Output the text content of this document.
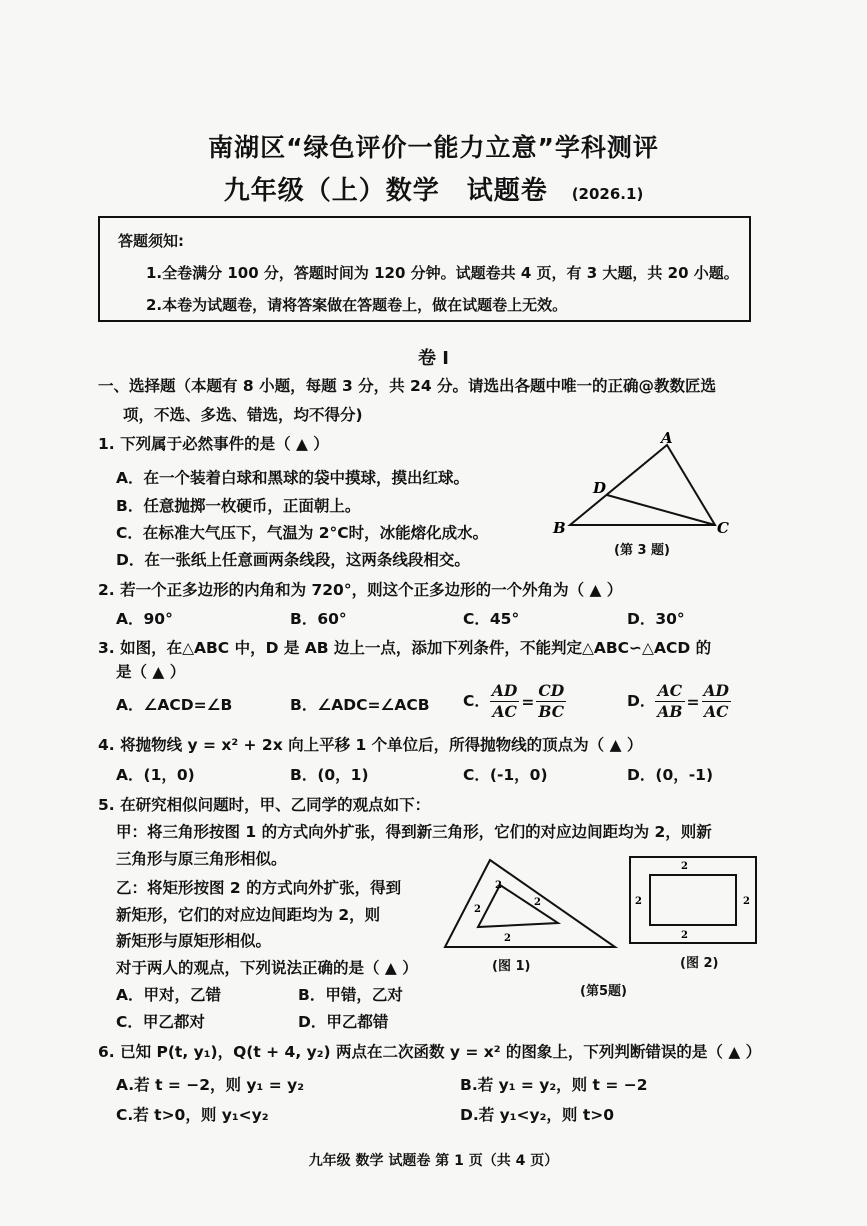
南湖区“绿色评价一能力立意”学科测评
九年级（上）数学　试题卷 (2026.1)
答题须知:
1.全卷满分 100 分，答题时间为 120 分钟。试题卷共 4 页，有 3 大题，共 20 小题。
2.本卷为试题卷，请将答案做在答题卷上，做在试题卷上无效。
卷 I
一、选择题（本题有 8 小题，每题 3 分，共 24 分。请选出各题中唯一的正确@教数匠选
项，不选、多选、错选，均不得分)
1. 下列属于必然事件的是（ ▲ ）
A．在一个装着白球和黑球的袋中摸球，摸出红球。
B．任意抛掷一枚硬币，正面朝上。
C．在标准大气压下，气温为 2°C时，冰能熔化成水。
D．在一张纸上任意画两条线段，这两条线段相交。
A
B	C
D
(第 3 题)
2. 若一个正多边形的内角和为 720°，则这个正多边形的一个外角为（ ▲ ）
A．90°	B．60°	C．45°	D．30°
3. 如图，在△ABC 中，D 是 AB 边上一点，添加下列条件，不能判定△ABC∽△ACD 的
是（ ▲ ）
A．∠ACD=∠B	B．∠ADC=∠ACB C． $\frac{AD}{AC} = \frac{CD}{BC}$	D． $\frac{AC}{AB} = \frac{AD}{AC}$
4. 将抛物线 y = x² + 2x 向上平移 1 个单位后，所得抛物线的顶点为（ ▲ ）
A．(1，0)	B．(0，1)	C．(-1，0)	D．(0，-1)
5. 在研究相似问题时，甲、乙同学的观点如下：
甲：将三角形按图 1 的方式向外扩张，得到新三角形，它们的对应边间距均为 2，则新
三角形与原三角形相似。
乙：将矩形按图 2 的方式向外扩张，得到
新矩形，它们的对应边间距均为 2，则
新矩形与原矩形相似。
对于两人的观点，下列说法正确的是（ ▲ ）
A．甲对，乙错	B．甲错，乙对
C．甲乙都对	D．甲乙都错
2
2
2
2
(图 1)
2
2
2	2
(图 2)
(第5题)
6. 已知 P(t, y₁)，Q(t + 4, y₂) 两点在二次函数 y = x² 的图象上，下列判断错误的是（ ▲ ）
A.若 t = −2，则 y₁ = y₂	B.若 y₁ = y₂，则 t = −2
C.若 t>0，则 y₁<y₂	D.若 y₁<y₂，则 t>0
九年级 数学 试题卷 第 1 页（共 4 页）
